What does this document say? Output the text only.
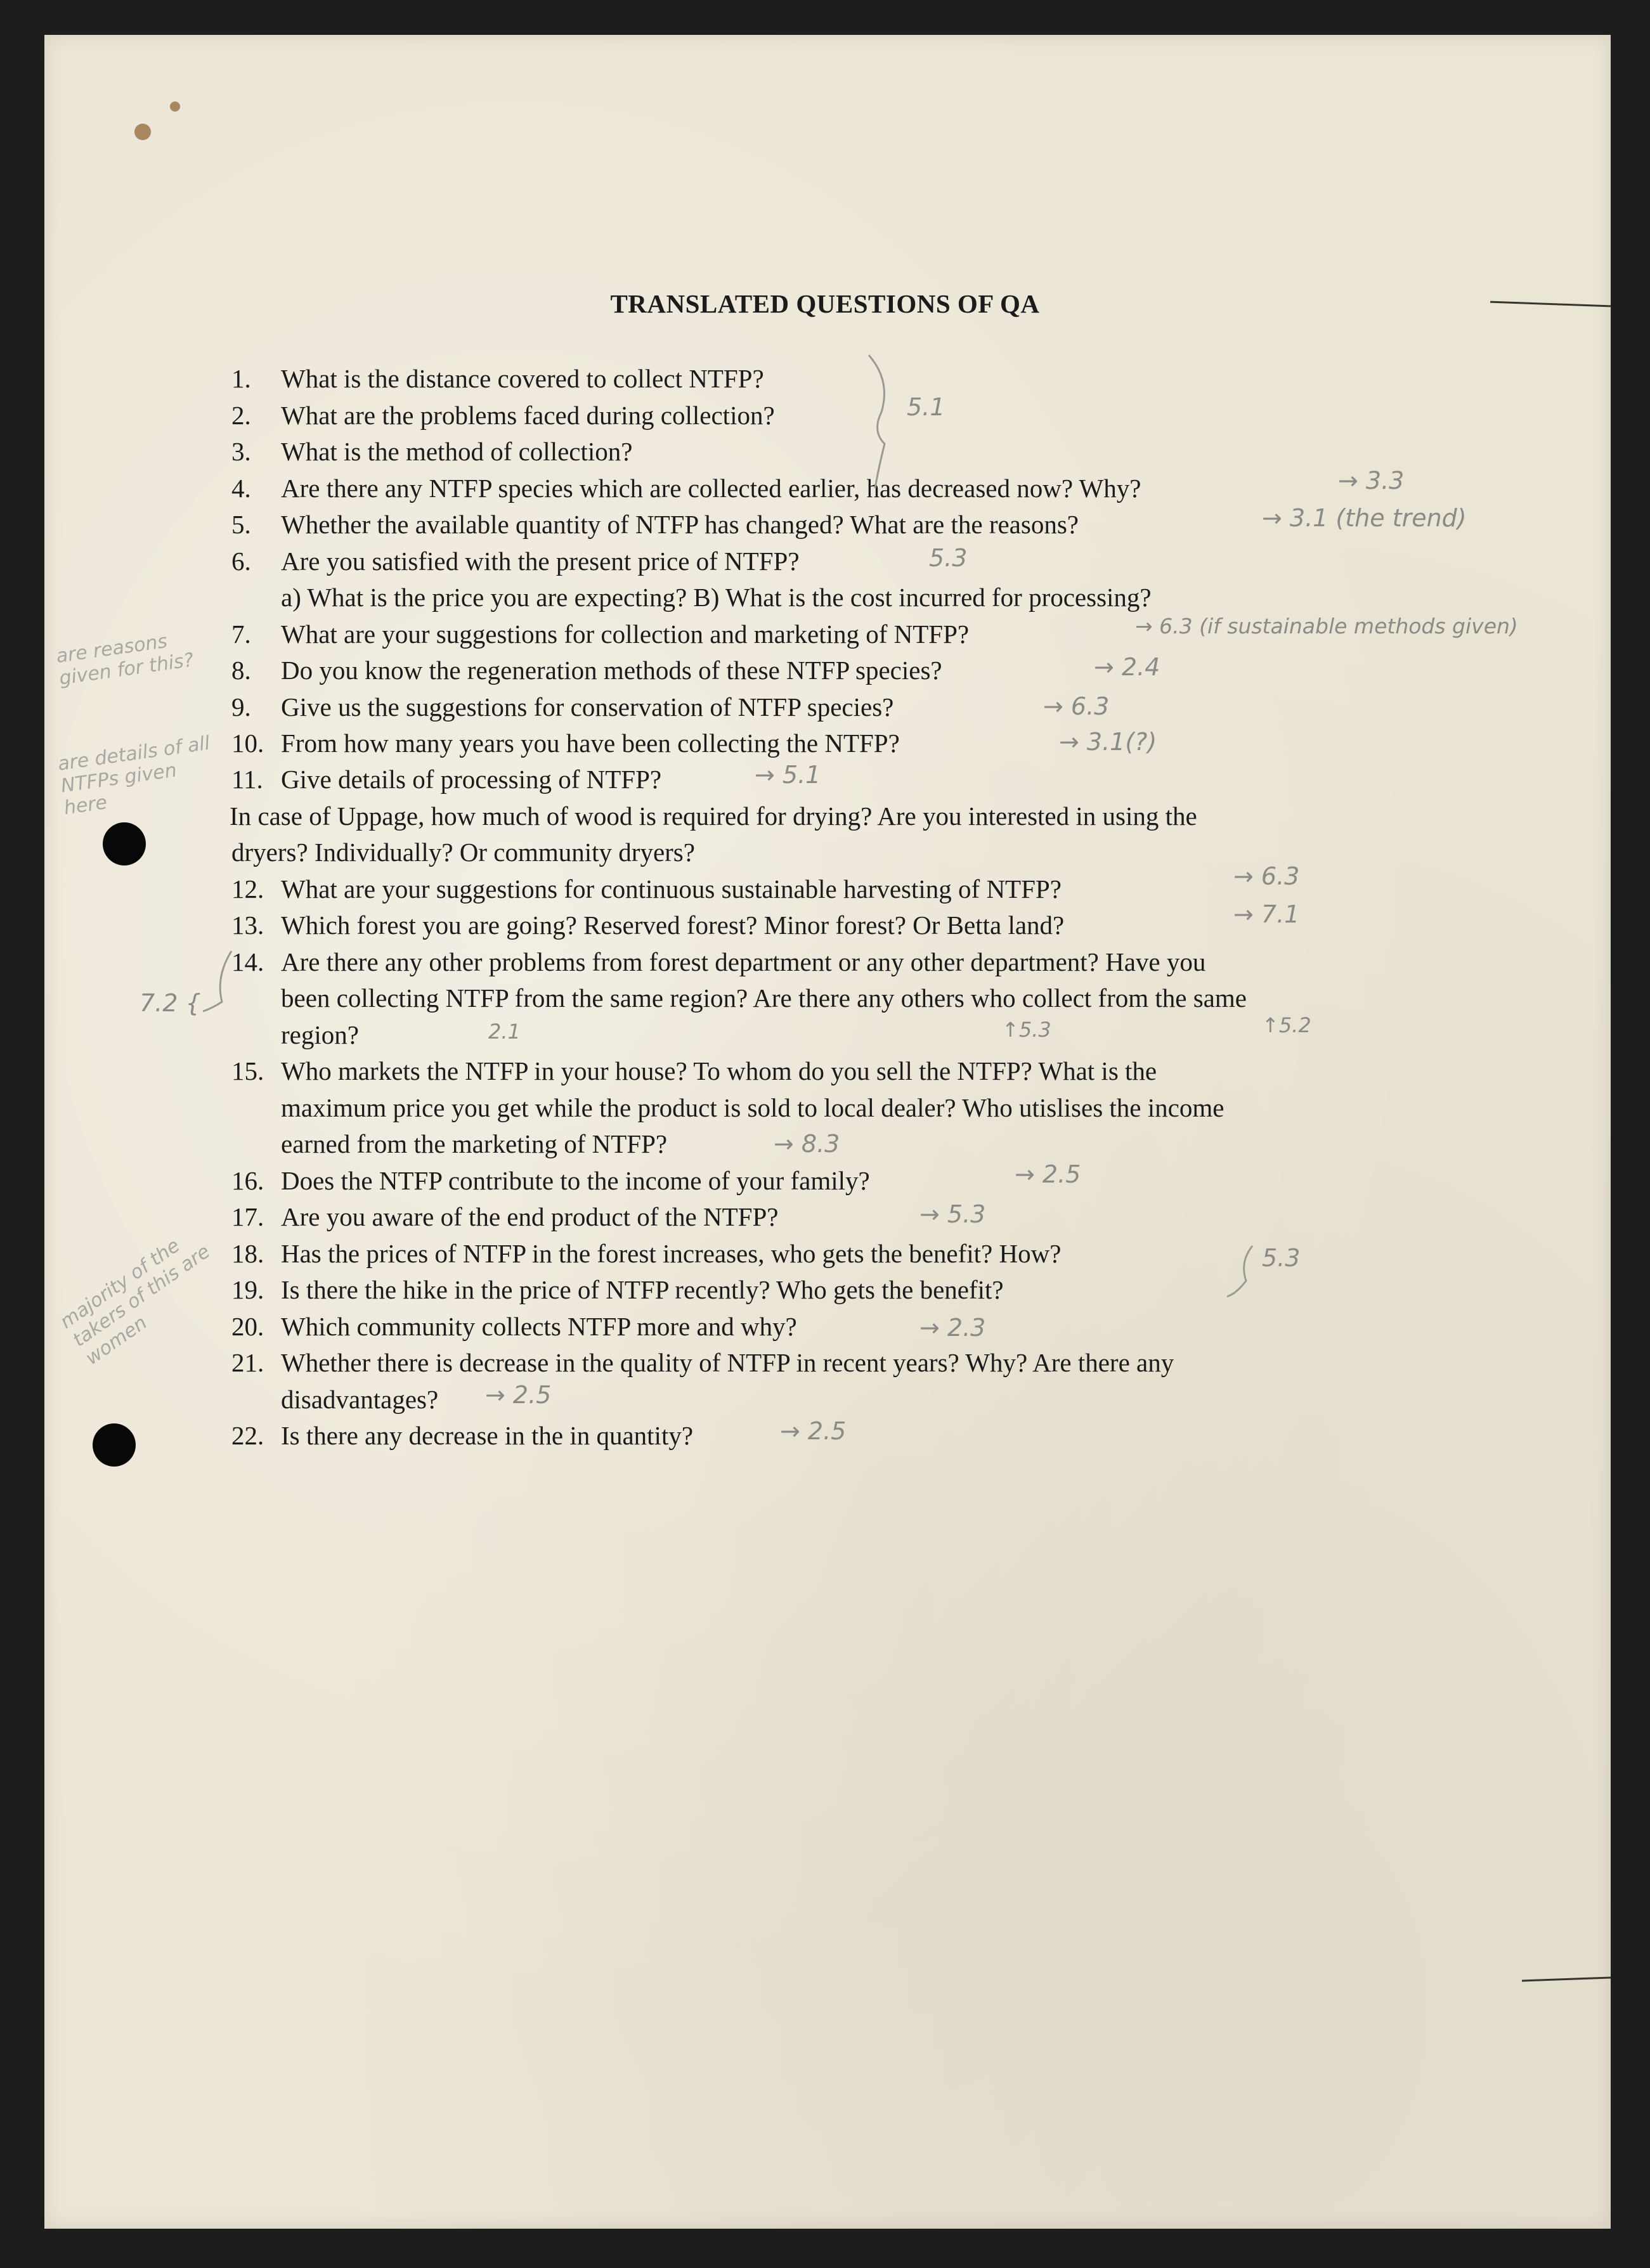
TRANSLATED QUESTIONS OF QA
1. What is the distance covered to collect NTFP?
2. What are the problems faced during collection?
3. What is the method of collection?
4. Are there any NTFP species which are collected earlier, has decreased now? Why?
5. Whether the available quantity of NTFP has changed? What are the reasons?
6. Are you satisfied with the present price of NTFP?
a) What is the price you are expecting? B) What is the cost incurred for processing?
7. What are your suggestions for collection and marketing of NTFP?
8. Do you know the regeneration methods of these NTFP species?
9. Give us the suggestions for conservation of NTFP species?
10. From how many years you have been collecting the NTFP?
11. Give details of processing of NTFP?
In case of Uppage, how much of wood is required for drying? Are you interested in using the
dryers? Individually? Or community dryers?
12. What are your suggestions for continuous sustainable harvesting of NTFP?
13. Which forest you are going? Reserved forest? Minor forest? Or Betta land?
14. Are there any other problems from forest department or any other department? Have you
been collecting NTFP from the same region? Are there any others who collect from the same
region?
15. Who markets the NTFP in your house? To whom do you sell the NTFP? What is the
maximum price you get while the product is sold to local dealer? Who utislises the income
earned from the marketing of NTFP?
16. Does the NTFP contribute to the income of your family?
17. Are you aware of the end product of the NTFP?
18. Has the prices of NTFP in the forest increases, who gets the benefit? How?
19. Is there the hike in the price of NTFP recently? Who gets the benefit?
20. Which community collects NTFP more and why?
21. Whether there is decrease in the quality of NTFP in recent years? Why? Are there any
disadvantages?
22. Is there any decrease in the in quantity?
5.1
→ 3.3
→ 3.1 (the trend)
5.3
→ 6.3 (if sustainable methods given)
→ 2.4
→ 6.3
→ 3.1(?)
→ 5.1
→ 6.3
→ 7.1
7.2 {
2.1	↑5.3	↑5.2
→ 8.3
→ 2.5
→ 5.3
5.3
→ 2.3
→ 2.5
→ 2.5
are reasons given for this?
are details of all NTFPs given here
majority of the takers of this are women
